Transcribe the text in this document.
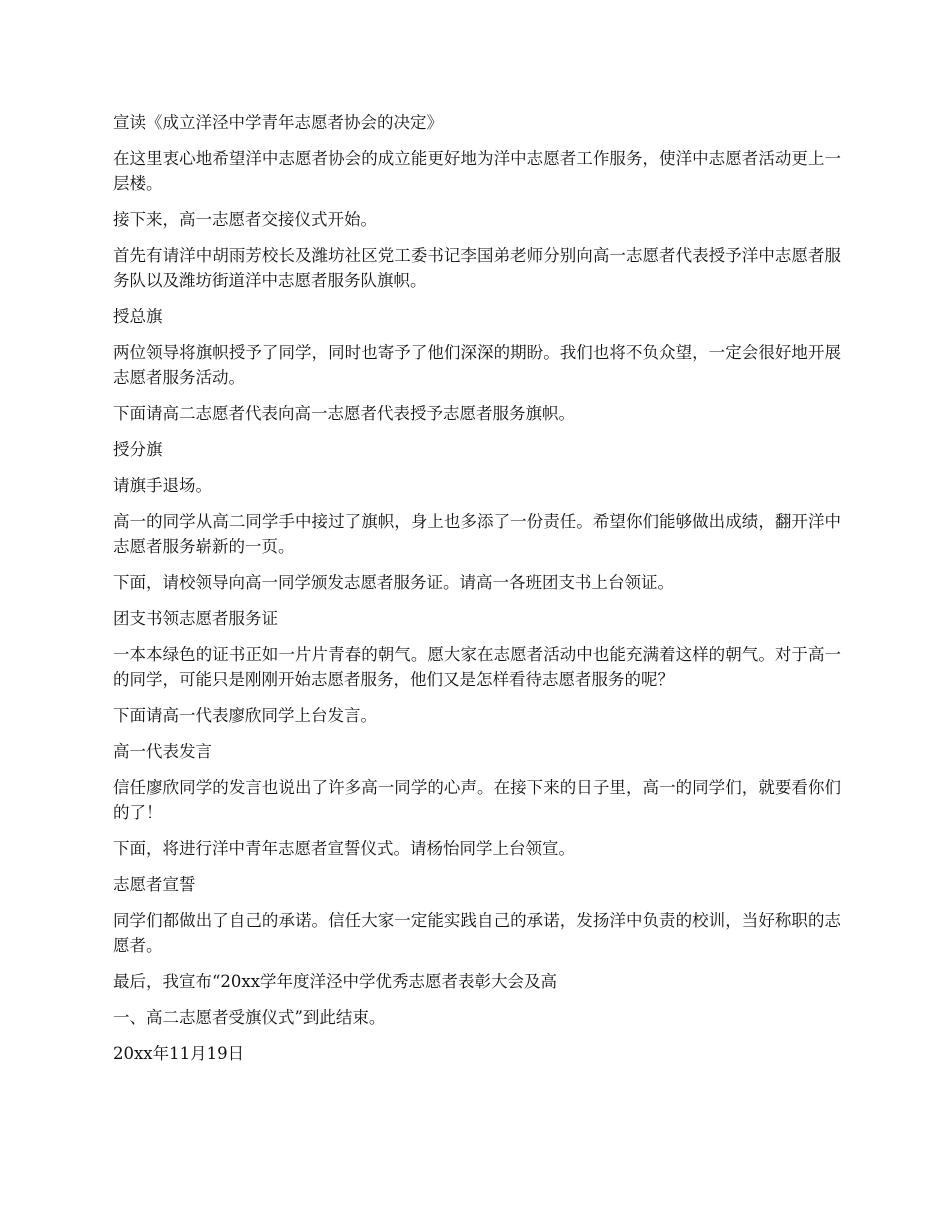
宣读《成立洋泾中学青年志愿者协会的决定》

在这里衷心地希望洋中志愿者协会的成立能更好地为洋中志愿者工作服务，使洋中志愿者活动更上一层楼。

接下来，高一志愿者交接仪式开始。

首先有请洋中胡雨芳校长及潍坊社区党工委书记李国弟老师分别向高一志愿者代表授予洋中志愿者服务队以及潍坊街道洋中志愿者服务队旗帜。

授总旗

两位领导将旗帜授予了同学，同时也寄予了他们深深的期盼。我们也将不负众望，一定会很好地开展志愿者服务活动。

下面请高二志愿者代表向高一志愿者代表授予志愿者服务旗帜。

授分旗

请旗手退场。

高一的同学从高二同学手中接过了旗帜，身上也多添了一份责任。希望你们能够做出成绩，翻开洋中志愿者服务崭新的一页。

下面，请校领导向高一同学颁发志愿者服务证。请高一各班团支书上台领证。

团支书领志愿者服务证

一本本绿色的证书正如一片片青春的朝气。愿大家在志愿者活动中也能充满着这样的朝气。对于高一的同学，可能只是刚刚开始志愿者服务，他们又是怎样看待志愿者服务的呢？

下面请高一代表廖欣同学上台发言。

高一代表发言

信任廖欣同学的发言也说出了许多高一同学的心声。在接下来的日子里，高一的同学们，就要看你们的了！

下面，将进行洋中青年志愿者宣誓仪式。请杨怡同学上台领宣。

志愿者宣誓

同学们都做出了自己的承诺。信任大家一定能实践自己的承诺，发扬洋中负责的校训，当好称职的志愿者。

最后，我宣布“20xx学年度洋泾中学优秀志愿者表彰大会及高

一、高二志愿者受旗仪式”到此结束。

20xx年11月19日
